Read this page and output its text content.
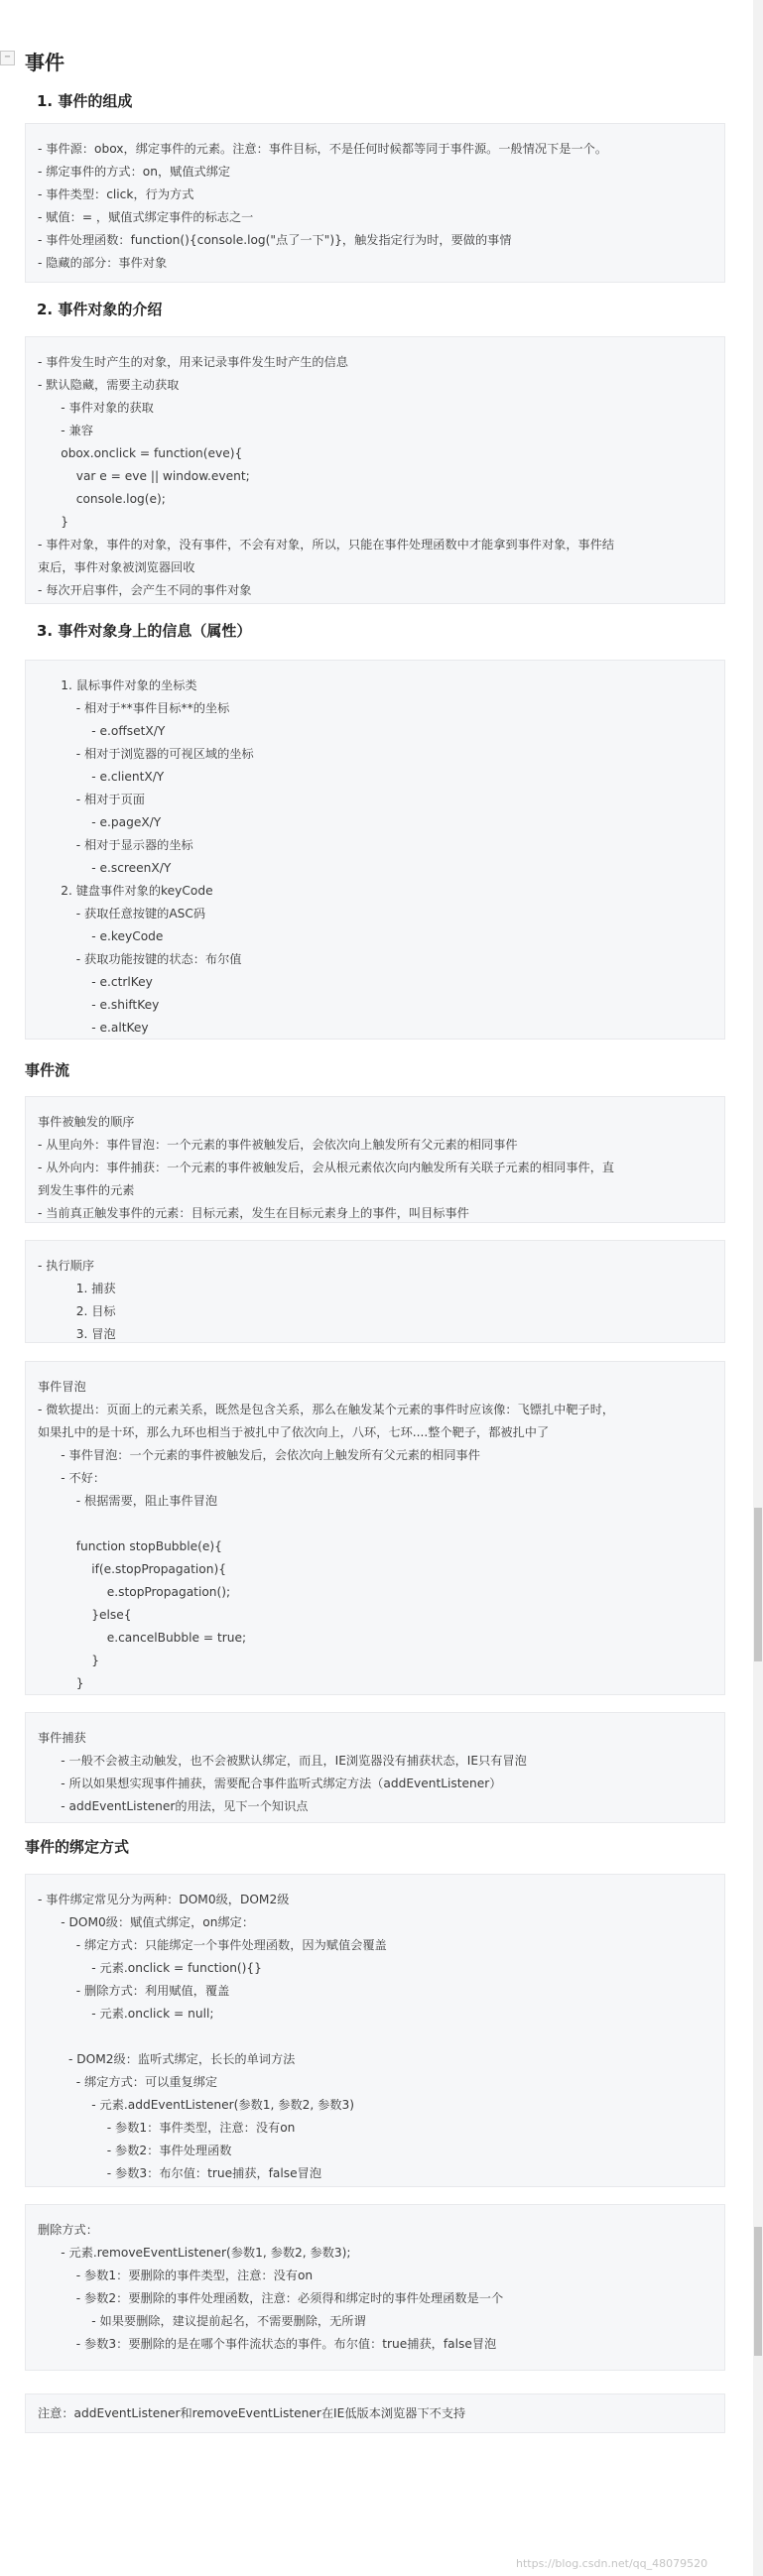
− 事件
1. 事件的组成
- 事件源：obox，绑定事件的元素。注意：事件目标，不是任何时候都等同于事件源。一般情况下是一个。
- 绑定事件的方式：on，赋值式绑定
- 事件类型：click，行为方式
- 赋值：= ，赋值式绑定事件的标志之一
- 事件处理函数：function(){console.log("点了一下")}，触发指定行为时，要做的事情
- 隐藏的部分：事件对象
2. 事件对象的介绍
- 事件发生时产生的对象，用来记录事件发生时产生的信息
- 默认隐藏，需要主动获取
- 事件对象的获取
- 兼容
obox.onclick = function(eve){
var e = eve || window.event;
console.log(e);
}
- 事件对象，事件的对象，没有事件，不会有对象，所以，只能在事件处理函数中才能拿到事件对象，事件结
束后，事件对象被浏览器回收
- 每次开启事件，会产生不同的事件对象
3. 事件对象身上的信息（属性）
1. 鼠标事件对象的坐标类
- 相对于**事件目标**的坐标
- e.offsetX/Y
- 相对于浏览器的可视区域的坐标
- e.clientX/Y
- 相对于页面
- e.pageX/Y
- 相对于显示器的坐标
- e.screenX/Y
2. 键盘事件对象的keyCode
- 获取任意按键的ASC码
- e.keyCode
- 获取功能按键的状态：布尔值
- e.ctrlKey
- e.shiftKey
- e.altKey
事件流
事件被触发的顺序
- 从里向外：事件冒泡：一个元素的事件被触发后，会依次向上触发所有父元素的相同事件
- 从外向内：事件捕获：一个元素的事件被触发后，会从根元素依次向内触发所有关联子元素的相同事件，直
到发生事件的元素
- 当前真正触发事件的元素：目标元素，发生在目标元素身上的事件，叫目标事件
- 执行顺序
1. 捕获
2. 目标
3. 冒泡
事件冒泡
- 微软提出：页面上的元素关系，既然是包含关系，那么在触发某个元素的事件时应该像：飞镖扎中靶子时，
如果扎中的是十环，那么九环也相当于被扎中了依次向上，八环，七环....整个靶子，都被扎中了
- 事件冒泡：一个元素的事件被触发后，会依次向上触发所有父元素的相同事件
- 不好：
- 根据需要，阻止事件冒泡

function stopBubble(e){
if(e.stopPropagation){
e.stopPropagation();
}else{
e.cancelBubble = true;
}
}
事件捕获
- 一般不会被主动触发，也不会被默认绑定，而且，IE浏览器没有捕获状态，IE只有冒泡
- 所以如果想实现事件捕获，需要配合事件监听式绑定方法（addEventListener）
- addEventListener的用法，见下一个知识点
事件的绑定方式
- 事件绑定常见分为两种：DOM0级，DOM2级
- DOM0级：赋值式绑定，on绑定：
- 绑定方式：只能绑定一个事件处理函数，因为赋值会覆盖
- 元素.onclick = function(){}
- 删除方式：利用赋值，覆盖
- 元素.onclick = null;

- DOM2级：监听式绑定，长长的单词方法
- 绑定方式：可以重复绑定
- 元素.addEventListener(参数1, 参数2, 参数3)
- 参数1：事件类型，注意：没有on
- 参数2：事件处理函数
- 参数3：布尔值：true捕获，false冒泡
删除方式：
- 元素.removeEventListener(参数1, 参数2, 参数3);
- 参数1：要删除的事件类型，注意：没有on
- 参数2：要删除的事件处理函数，注意：必须得和绑定时的事件处理函数是一个
- 如果要删除，建议提前起名，不需要删除，无所谓
- 参数3：要删除的是在哪个事件流状态的事件。布尔值：true捕获，false冒泡
注意：addEventListener和removeEventListener在IE低版本浏览器下不支持

https://blog.csdn.net/qq_48079520
